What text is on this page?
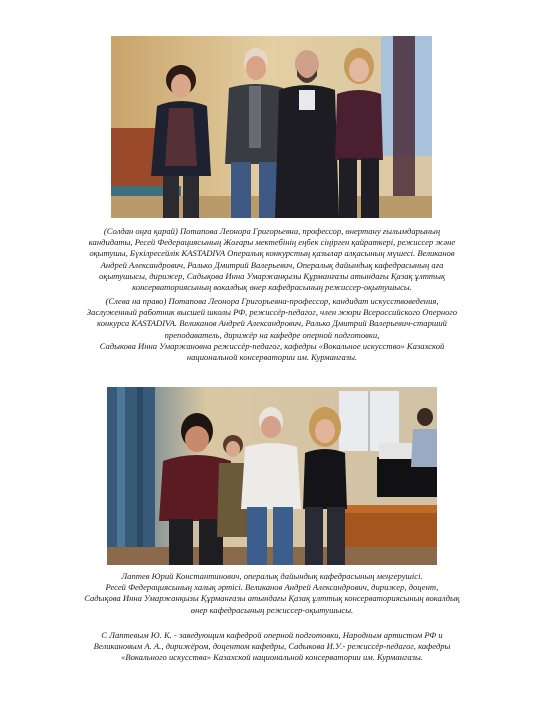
(Солдан оңға қарай) Потапова Леонора Григорьевна, профессор, өнертану ғылымдарының
кандидаты, Ресей Федерациясының Жоғары мектебінің еңбек сіңірген қайраткері, режиссер және
оқытушы, Бүкілресейлік KASTADIVA Опералық конкурстың қазылар алқасының мүшесі. Великанов
Андрей Александрович, Ралько Дмитрий Валерьевич, Опералық дайындық кафедрасының аға
оқытушысы, дирижер, Садықова Инна Умаржанқызы Құрманғазы атындағы Қазақ ұлттық
консерваториясының вокалдық өнер кафедрасының режиссер-оқытушысы.
(Слева на право) Потапова Леонора Григорьевна-профессор, кандидат искусствоведения,
Заслуженный работник высшей школы РФ, режиссёр-педагог, член жюри Всероссийского Оперного
конкурса KASTADIVA. Великанов Андрей Александрович, Ралько Дмитрий Валерьевич-старший
преподаватель, дирижёр на кафедре оперной подготовки,
Садыкова Инна Умаржановна режиссёр-педагог, кафедры «Вокальное искусство» Казахской
национальной консерватории им. Курмангазы.
Лаптев Юрий Константинович, опералық дайындық кафедрасының меңгерушісі.
Ресей Федерациясының халық әртісі. Великанов Андрей Александрович, дирижер, доцент,
Садықова Инна Умаржанқызы Құрманғазы атындағы Қазақ ұлттық консерваториясының вокалдық
өнер кафедрасының режиссер-оқытушысы.
С Лаптевым Ю. К. - заведующим кафедрой оперной подготовки, Народным артистом РФ и
Великановым А. А., дирижёром, доцентом кафедры, Садыкова И.У.- режиссёр-педагог, кафедры
«Вокального искусства» Казахской национальной консерватории им. Курмангазы.
